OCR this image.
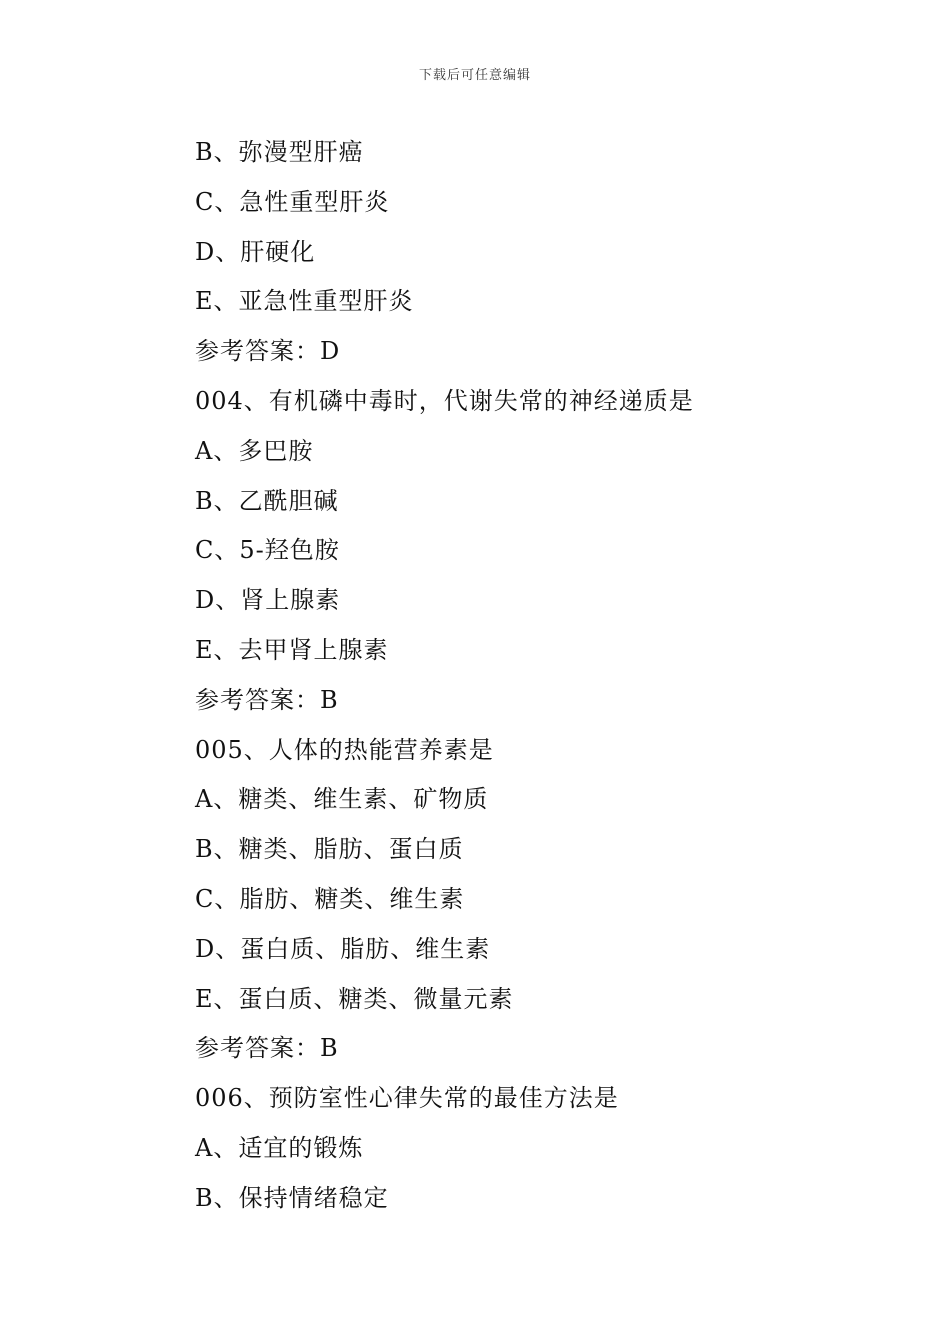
下载后可任意编辑
B、弥漫型肝癌
C、急性重型肝炎
D、肝硬化
E、亚急性重型肝炎
参考答案：D
004、有机磷中毒时，代谢失常的神经递质是
A、多巴胺
B、乙酰胆碱
C、5-羟色胺
D、肾上腺素
E、去甲肾上腺素
参考答案：B
005、人体的热能营养素是
A、糖类、维生素、矿物质
B、糖类、脂肪、蛋白质
C、脂肪、糖类、维生素
D、蛋白质、脂肪、维生素
E、蛋白质、糖类、微量元素
参考答案：B
006、预防室性心律失常的最佳方法是
A、适宜的锻炼
B、保持情绪稳定
